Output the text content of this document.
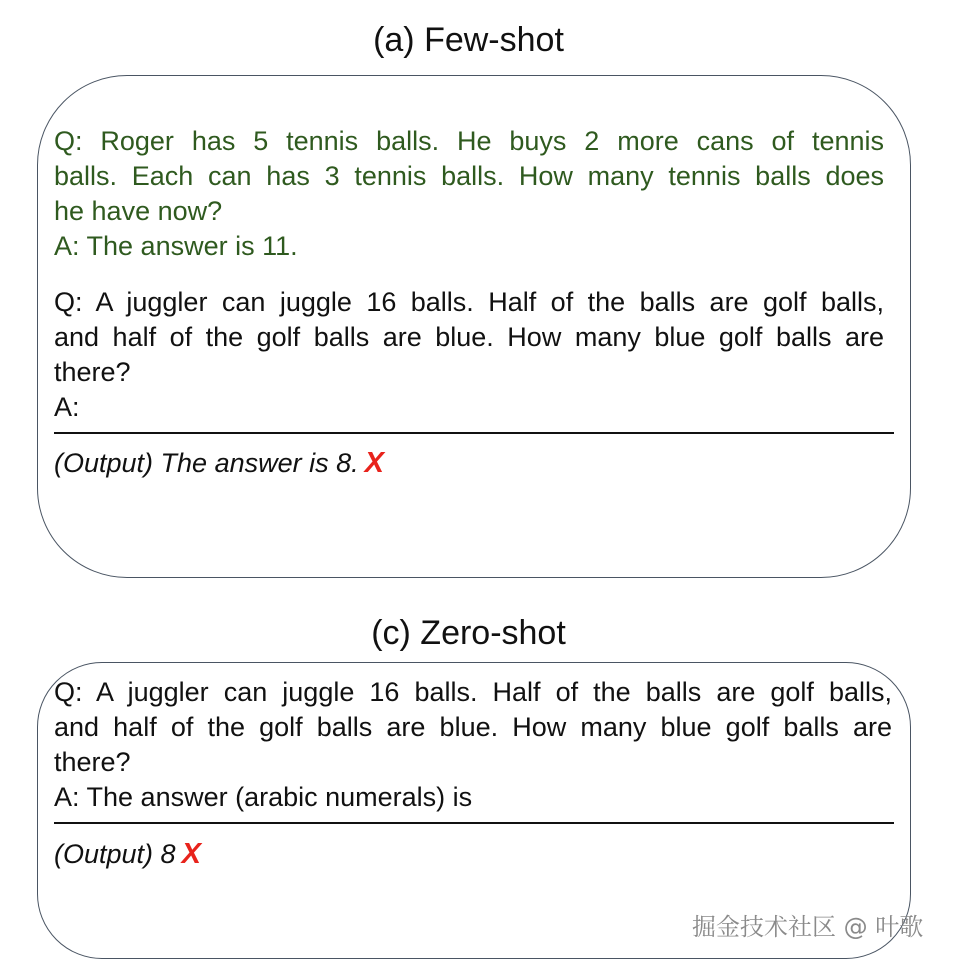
(a) Few-shot
Q: Roger has 5 tennis balls. He buys 2 more cans of tennis
balls. Each can has 3 tennis balls. How many tennis balls does
he have now?
A: The answer is 11.
Q: A juggler can juggle 16 balls. Half of the balls are golf balls,
and half of the golf balls are blue. How many blue golf balls are
there?
A:
(Output) The answer is 8. X
(c) Zero-shot
Q: A juggler can juggle 16 balls. Half of the balls are golf balls,
and half of the golf balls are blue. How many blue golf balls are
there?
A: The answer (arabic numerals) is
(Output) 8 X
掘金技术社区 @ 叶歌
